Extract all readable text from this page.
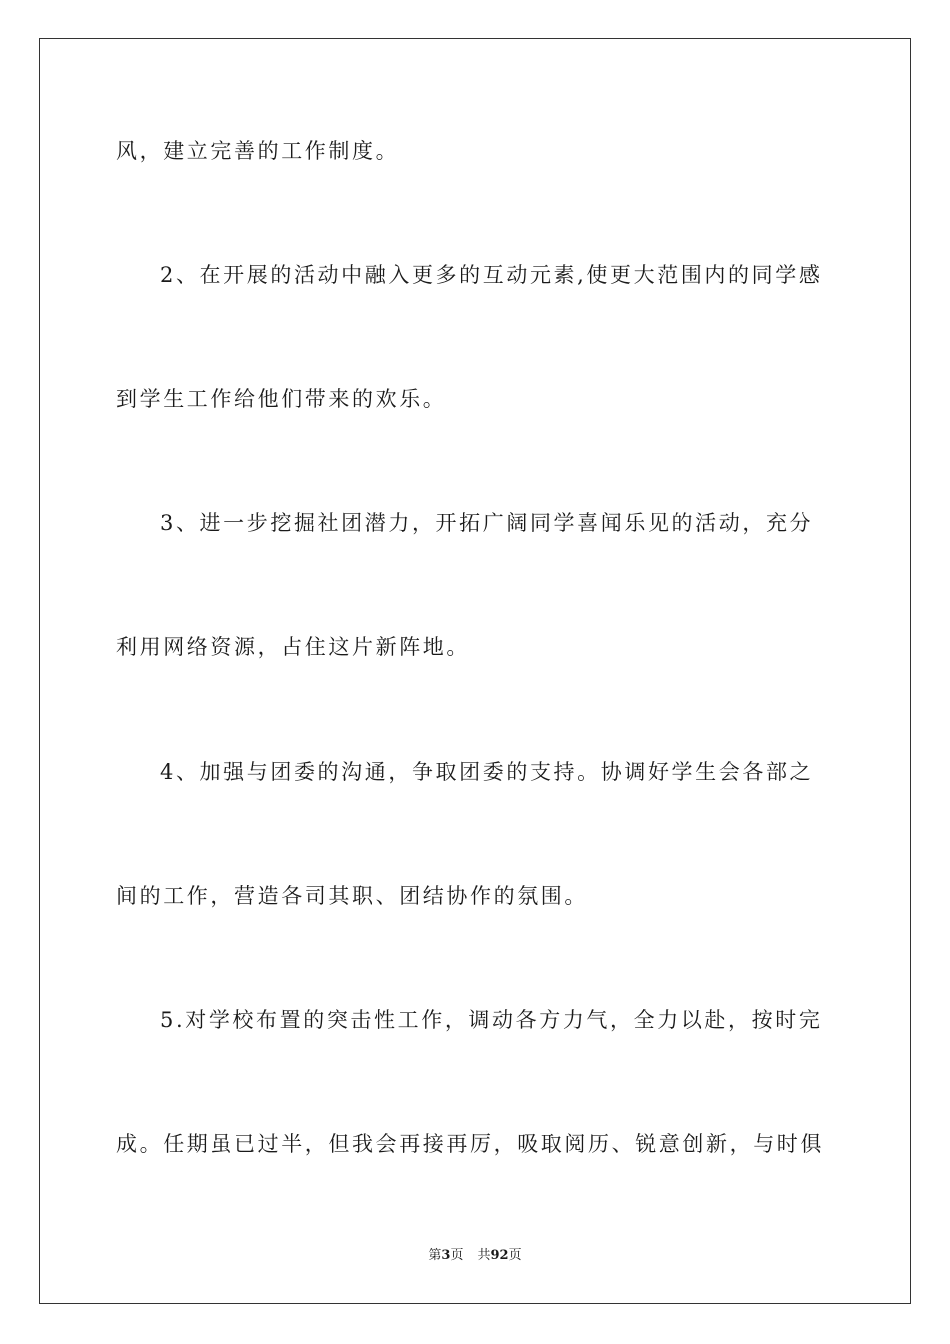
风，建立完善的工作制度。
2、在开展的活动中融入更多的互动元素,使更大范围内的同学感
到学生工作给他们带来的欢乐。
3、进一步挖掘社团潜力，开拓广阔同学喜闻乐见的活动，充分
利用网络资源，占住这片新阵地。
4、加强与团委的沟通，争取团委的支持。协调好学生会各部之
间的工作，营造各司其职、团结协作的氛围。
5.对学校布置的突击性工作，调动各方力气，全力以赴，按时完
成。任期虽已过半，但我会再接再厉，吸取阅历、锐意创新，与时俱
第3页 共92页
